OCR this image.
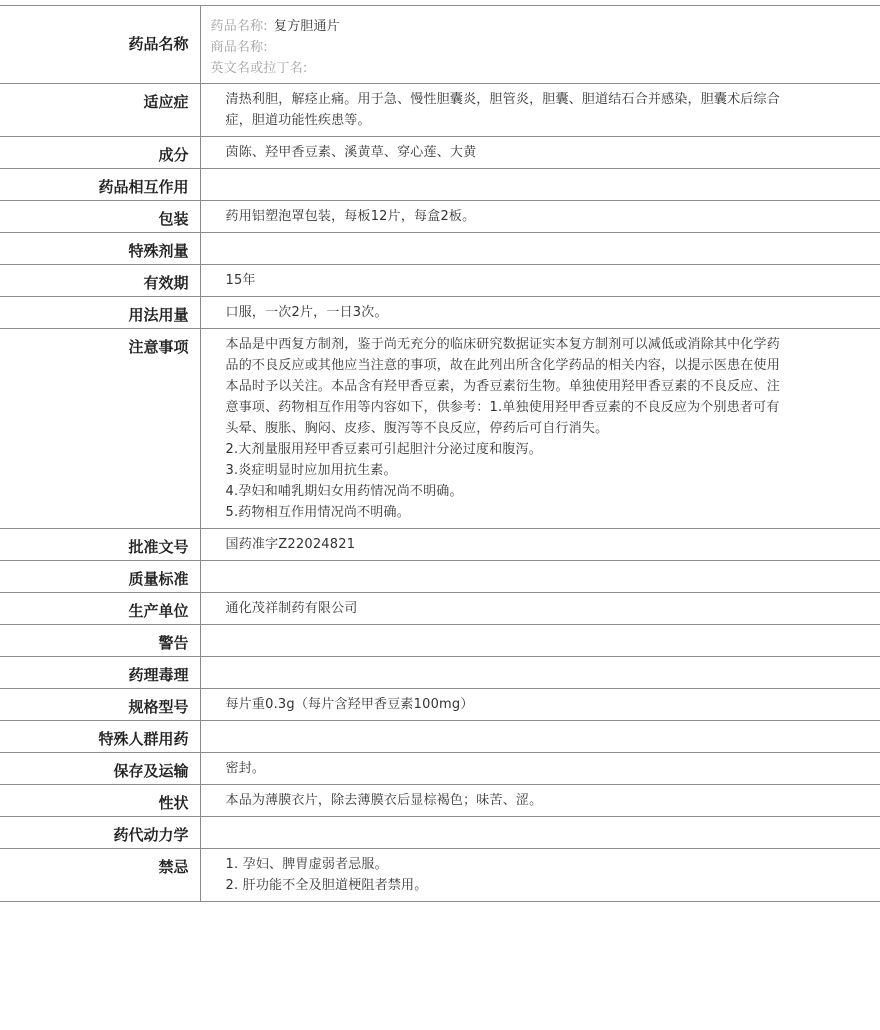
药品名称	药品名称: 复方胆通片
商品名称:
英文名或拉丁名:

适应症	清热利胆，解痉止痛。用于急、慢性胆囊炎，胆管炎，胆囊、胆道结石合并感染，胆囊术后综合症，胆道功能性疾患等。
成分	茵陈、羟甲香豆素、溪黄草、穿心莲、大黄
药品相互作用	
包装	药用铝塑泡罩包装，每板12片，每盒2板。
特殊剂量	
有效期	15年
用法用量	口服，一次2片，一日3次。
注意事项	本品是中西复方制剂，鉴于尚无充分的临床研究数据证实本复方制剂可以减低或消除其中化学药品的不良反应或其他应当注意的事项，故在此列出所含化学药品的相关内容，以提示医患在使用本品时予以关注。本品含有羟甲香豆素，为香豆素衍生物。单独使用羟甲香豆素的不良反应、注意事项、药物相互作用等内容如下，供参考：1.单独使用羟甲香豆素的不良反应为个别患者可有头晕、腹胀、胸闷、皮疹、腹泻等不良反应，停药后可自行消失。
2.大剂量服用羟甲香豆素可引起胆汁分泌过度和腹泻。
3.炎症明显时应加用抗生素。
4.孕妇和哺乳期妇女用药情况尚不明确。
5.药物相互作用情况尚不明确。

批准文号	国药准字Z22024821
质量标准	
生产单位	通化茂祥制药有限公司
警告	
药理毒理	
规格型号	每片重0.3g（每片含羟甲香豆素100mg）
特殊人群用药	
保存及运输	密封。
性状	本品为薄膜衣片，除去薄膜衣后显棕褐色；味苦、涩。
药代动力学	
禁忌	1. 孕妇、脾胃虚弱者忌服。
2. 肝功能不全及胆道梗阻者禁用。
